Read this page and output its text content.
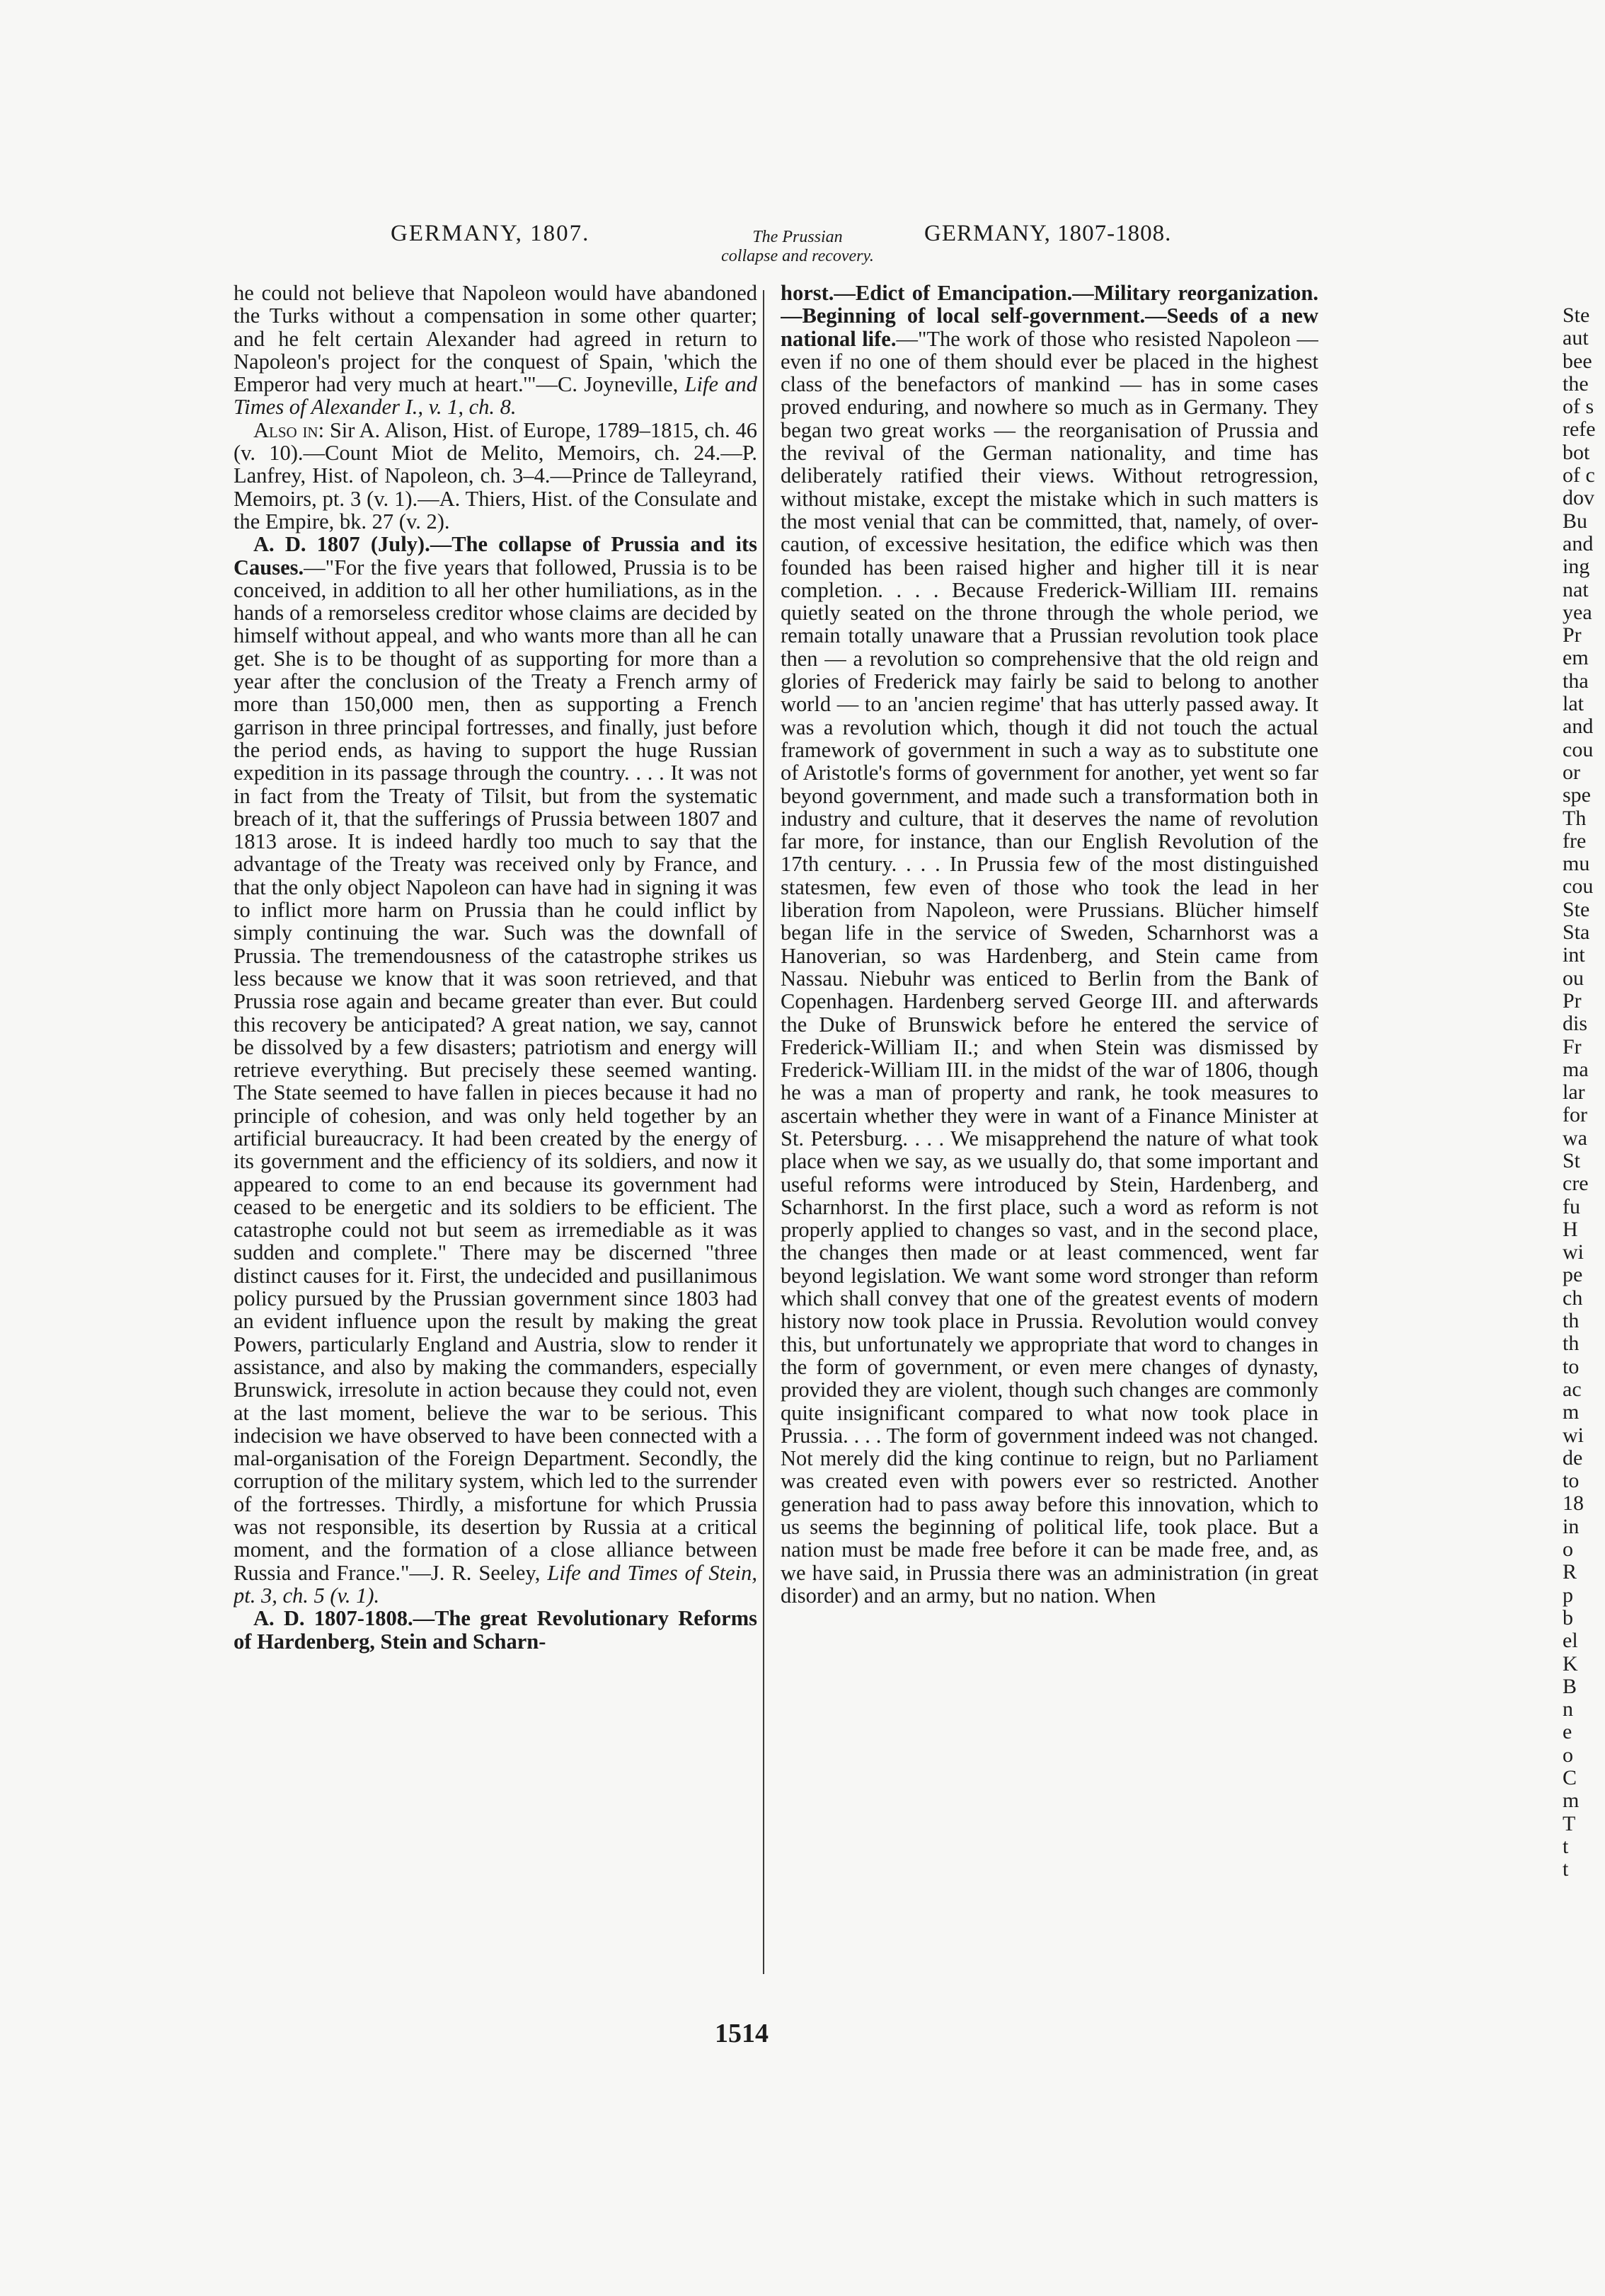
GERMANY, 1807.	The Prussian
collapse and recovery.
GERMANY, 1807-1808.

he could not believe that Napoleon would have abandoned the Turks without a compensation in some other quarter; and he felt certain Alexander had agreed in return to Napoleon's project for the conquest of Spain, 'which the Emperor had very much at heart.'"—C. Joyneville, Life and Times of Alexander I., v. 1, ch. 8.

Also in: Sir A. Alison, Hist. of Europe, 1789–1815, ch. 46 (v. 10).—Count Miot de Melito, Memoirs, ch. 24.—P. Lanfrey, Hist. of Napoleon, ch. 3–4.—Prince de Talleyrand, Memoirs, pt. 3 (v. 1).—A. Thiers, Hist. of the Consulate and the Empire, bk. 27 (v. 2).

A. D. 1807 (July).—The collapse of Prussia and its Causes.—"For the five years that followed, Prussia is to be conceived, in addition to all her other humiliations, as in the hands of a remorseless creditor whose claims are decided by himself without appeal, and who wants more than all he can get. She is to be thought of as supporting for more than a year after the conclusion of the Treaty a French army of more than 150,000 men, then as supporting a French garrison in three principal fortresses, and finally, just before the period ends, as having to support the huge Russian expedition in its passage through the country. . . . It was not in fact from the Treaty of Tilsit, but from the systematic breach of it, that the sufferings of Prussia between 1807 and 1813 arose. It is indeed hardly too much to say that the advantage of the Treaty was received only by France, and that the only object Napoleon can have had in signing it was to inflict more harm on Prussia than he could inflict by simply continuing the war. Such was the downfall of Prussia. The tremendousness of the catastrophe strikes us less because we know that it was soon retrieved, and that Prussia rose again and became greater than ever. But could this recovery be anticipated? A great nation, we say, cannot be dissolved by a few disasters; patriotism and energy will retrieve everything. But precisely these seemed wanting. The State seemed to have fallen in pieces because it had no principle of cohesion, and was only held together by an artificial bureaucracy. It had been created by the energy of its government and the efficiency of its soldiers, and now it appeared to come to an end because its government had ceased to be energetic and its soldiers to be efficient. The catastrophe could not but seem as irremediable as it was sudden and complete." There may be discerned "three distinct causes for it. First, the undecided and pusillanimous policy pursued by the Prussian government since 1803 had an evident influence upon the result by making the great Powers, particularly England and Austria, slow to render it assistance, and also by making the commanders, especially Brunswick, irresolute in action because they could not, even at the last moment, believe the war to be serious. This indecision we have observed to have been connected with a mal-organisation of the Foreign Department. Secondly, the corruption of the military system, which led to the surrender of the fortresses. Thirdly, a misfortune for which Prussia was not responsible, its desertion by Russia at a critical moment, and the formation of a close alliance between Russia and France."—J. R. Seeley, Life and Times of Stein, pt. 3, ch. 5 (v. 1).

A. D. 1807-1808.—The great Revolutionary Reforms of Hardenberg, Stein and Scharn-

horst.—Edict of Emancipation.—Military reorganization.—Beginning of local self-government.—Seeds of a new national life.—"The work of those who resisted Napoleon — even if no one of them should ever be placed in the highest class of the benefactors of mankind — has in some cases proved enduring, and nowhere so much as in Germany. They began two great works — the reorganisation of Prussia and the revival of the German nationality, and time has deliberately ratified their views. Without retrogression, without mistake, except the mistake which in such matters is the most venial that can be committed, that, namely, of over-caution, of excessive hesitation, the edifice which was then founded has been raised higher and higher till it is near completion. . . . Because Frederick-William III. remains quietly seated on the throne through the whole period, we remain totally unaware that a Prussian revolution took place then — a revolution so comprehensive that the old reign and glories of Frederick may fairly be said to belong to another world — to an 'ancien regime' that has utterly passed away. It was a revolution which, though it did not touch the actual framework of government in such a way as to substitute one of Aristotle's forms of government for another, yet went so far beyond government, and made such a transformation both in industry and culture, that it deserves the name of revolution far more, for instance, than our English Revolution of the 17th century. . . . In Prussia few of the most distinguished statesmen, few even of those who took the lead in her liberation from Napoleon, were Prussians. Blücher himself began life in the service of Sweden, Scharnhorst was a Hanoverian, so was Hardenberg, and Stein came from Nassau. Niebuhr was enticed to Berlin from the Bank of Copenhagen. Hardenberg served George III. and afterwards the Duke of Brunswick before he entered the service of Frederick-William II.; and when Stein was dismissed by Frederick-William III. in the midst of the war of 1806, though he was a man of property and rank, he took measures to ascertain whether they were in want of a Finance Minister at St. Petersburg. . . . We misapprehend the nature of what took place when we say, as we usually do, that some important and useful reforms were introduced by Stein, Hardenberg, and Scharnhorst. In the first place, such a word as reform is not properly applied to changes so vast, and in the second place, the changes then made or at least commenced, went far beyond legislation. We want some word stronger than reform which shall convey that one of the greatest events of modern history now took place in Prussia. Revolution would convey this, but unfortunately we appropriate that word to changes in the form of government, or even mere changes of dynasty, provided they are violent, though such changes are commonly quite insignificant compared to what now took place in Prussia. . . . The form of government indeed was not changed. Not merely did the king continue to reign, but no Parliament was created even with powers ever so restricted. Another generation had to pass away before this innovation, which to us seems the beginning of political life, took place. But a nation must be made free before it can be made free, and, as we have said, in Prussia there was an administration (in great disorder) and an army, but no nation. When

1514
Ste
aut
bee
the
of s
refe
bot
of c
dov
Bu
and
ing
nat
yea
Pr
em
tha
lat
and
cou
or
spe
Th
fre
mu
cou
Ste
Sta
int
ou
Pr
dis
Fr
ma
lar
for
wa
St
cre
fu
H
wi
pe
ch
th
th
to
ac
m
wi
de
to
18
in
o
R
p
b
el
K
B
n
e
o
C
m
T
t
t
